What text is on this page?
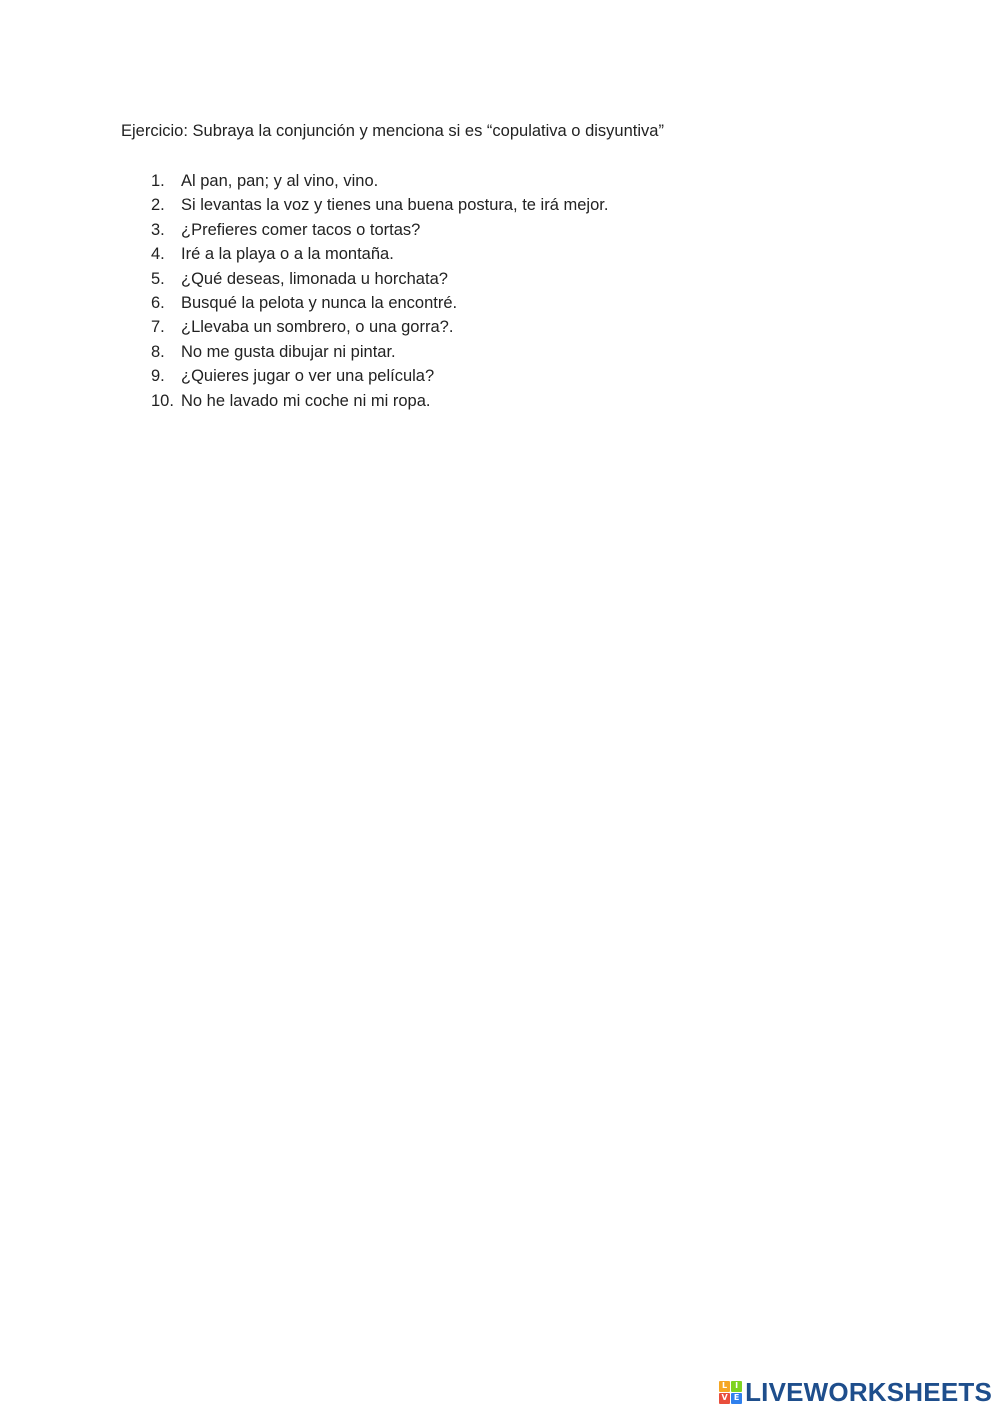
Ejercicio: Subraya la conjunción y menciona si es “copulativa o disyuntiva”
1. Al pan, pan; y al vino, vino.
2. Si levantas la voz y tienes una buena postura, te irá mejor.
3. ¿Prefieres comer tacos o tortas?
4. Iré a la playa o a la montaña.
5. ¿Qué deseas, limonada u horchata?
6. Busqué la pelota y nunca la encontré.
7. ¿Llevaba un sombrero, o una gorra?.
8. No me gusta dibujar ni pintar.
9. ¿Quieres jugar o ver una película?
10. No he lavado mi coche ni mi ropa.
L I
V E LIVEWORKSHEETS
